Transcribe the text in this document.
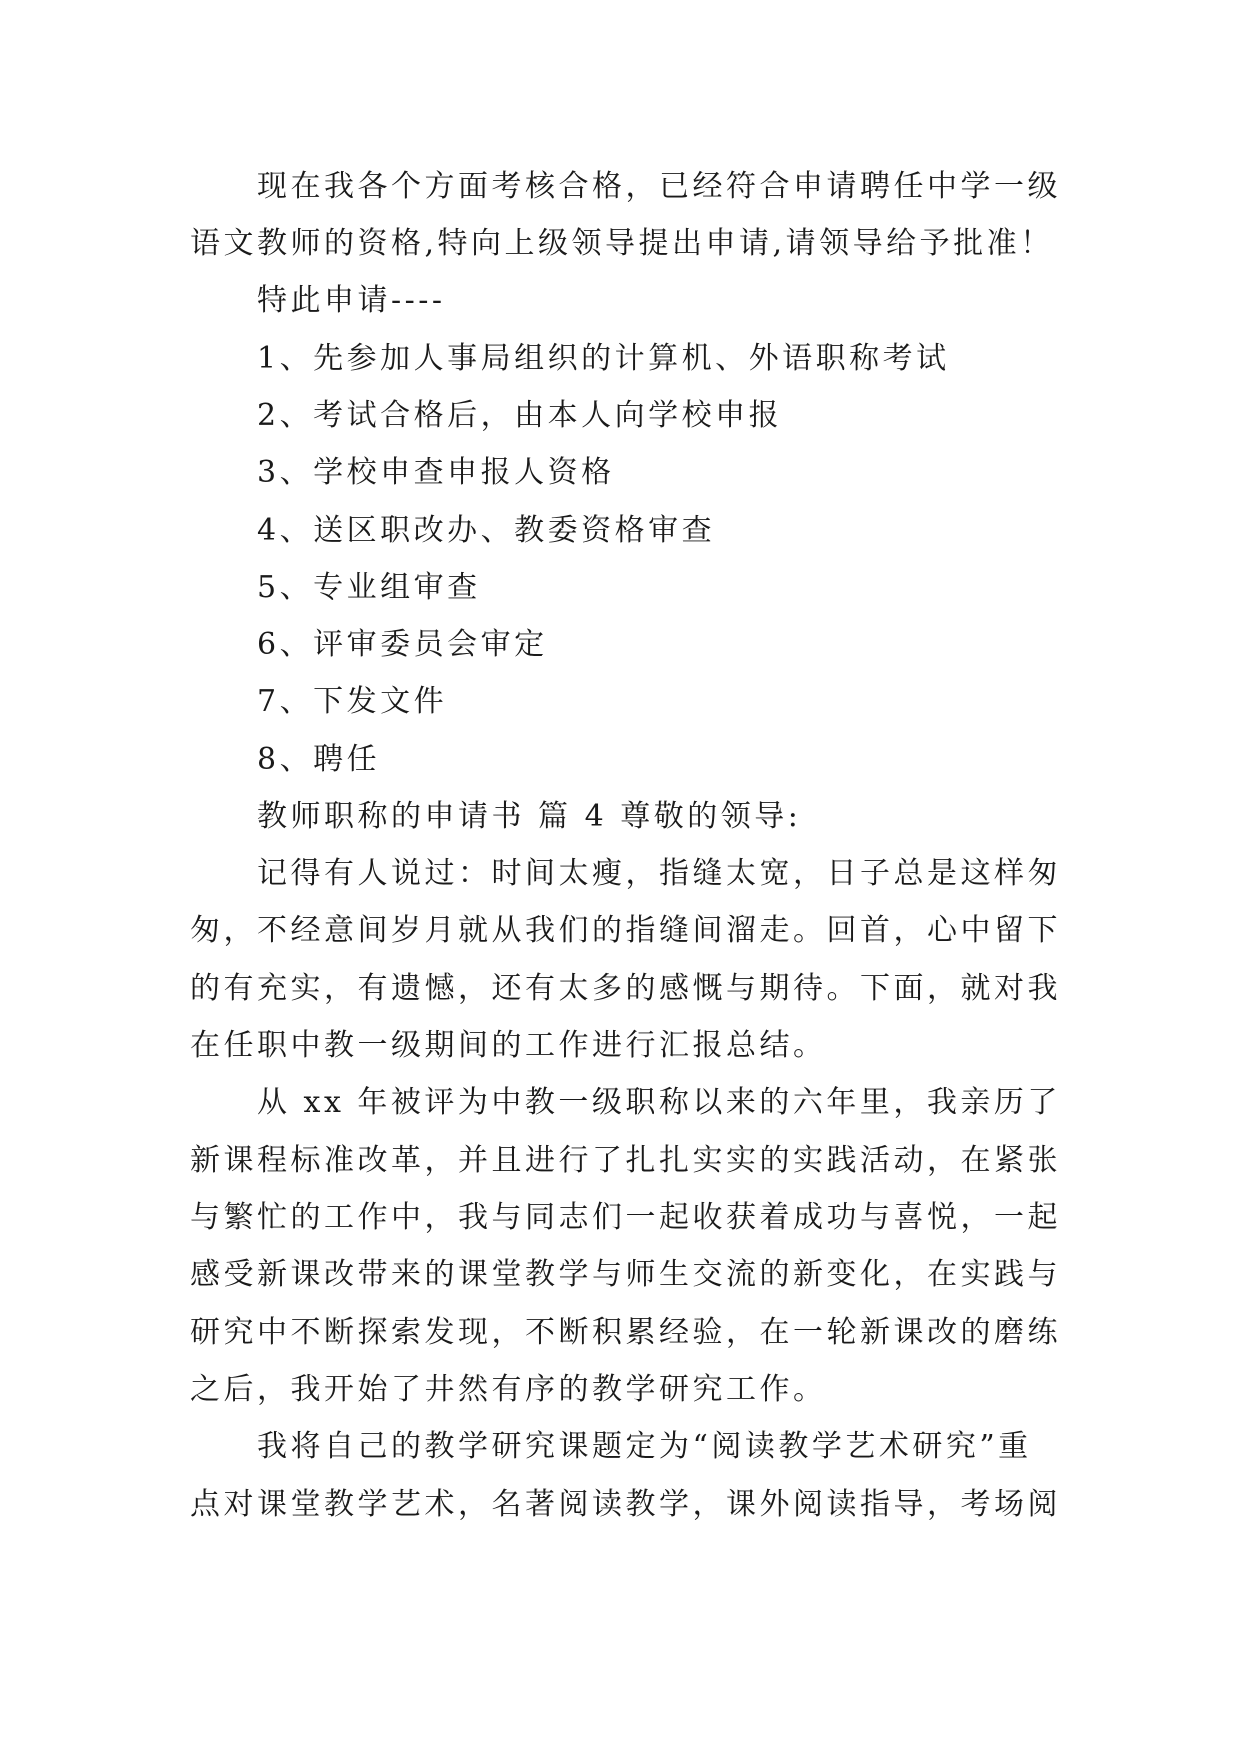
现在我各个方面考核合格，已经符合申请聘任中学一级
语文教师的资格,特向上级领导提出申请,请领导给予批准！
特此申请----
1、先参加人事局组织的计算机、外语职称考试
2、考试合格后，由本人向学校申报
3、学校申查申报人资格
4、送区职改办、教委资格审查
5、专业组审查
6、评审委员会审定
7、下发文件
8、聘任
教师职称的申请书 篇 4 尊敬的领导:
记得有人说过：时间太瘦，指缝太宽，日子总是这样匆
匆，不经意间岁月就从我们的指缝间溜走。回首，心中留下
的有充实，有遗憾，还有太多的感慨与期待。下面，就对我
在任职中教一级期间的工作进行汇报总结。
从 xx 年被评为中教一级职称以来的六年里，我亲历了
新课程标准改革，并且进行了扎扎实实的实践活动，在紧张
与繁忙的工作中，我与同志们一起收获着成功与喜悦，一起
感受新课改带来的课堂教学与师生交流的新变化，在实践与
研究中不断探索发现，不断积累经验，在一轮新课改的磨练
之后，我开始了井然有序的教学研究工作。
我将自己的教学研究课题定为“阅读教学艺术研究”重
点对课堂教学艺术，名著阅读教学，课外阅读指导，考场阅
